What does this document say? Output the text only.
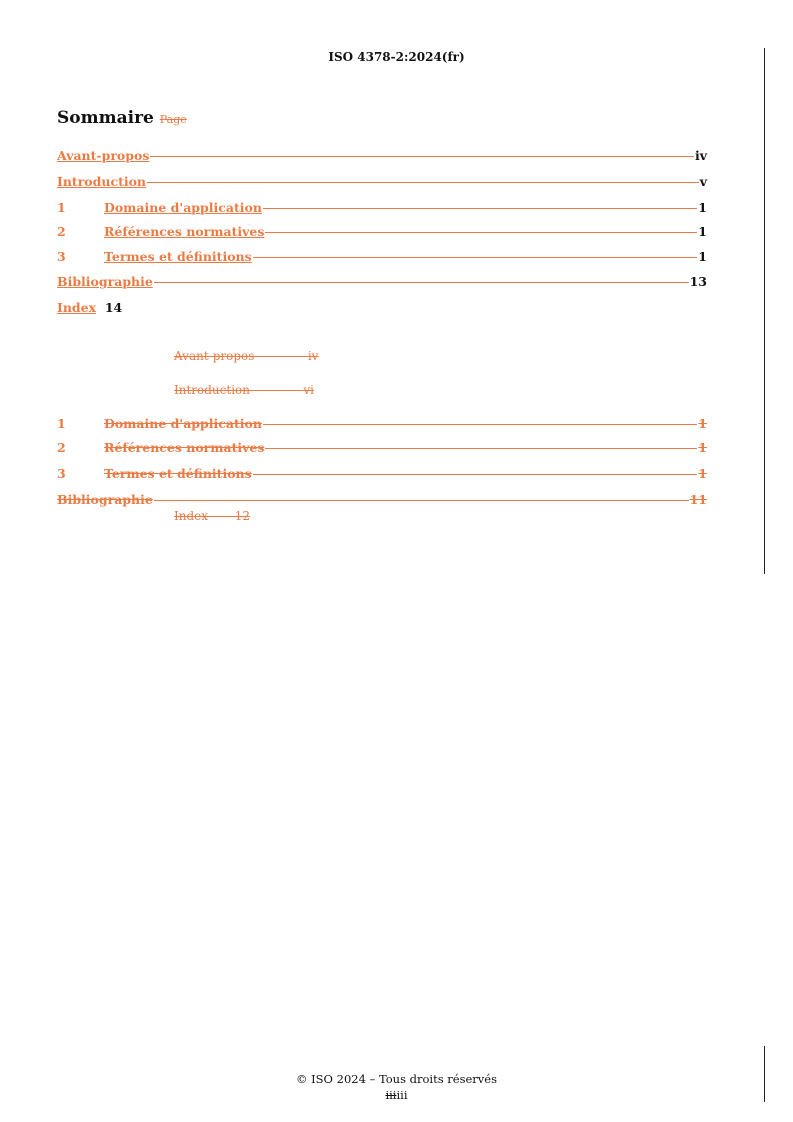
ISO 4378-2:2024(fr)
Sommaire Page
Avant-propos	iv
Introduction	v
1	Domaine d'application	1
2	Références normatives	1
3	Termes et définitions	1
Bibliographie	13
Index 14
Avant-propos              iv
Introduction              vi
1	Domaine d'application	1
2	Références normatives	1
3	Termes et définitions	1
Bibliographie	11
Index       12
© ISO 2024 – Tous droits réservés
iiiiii
